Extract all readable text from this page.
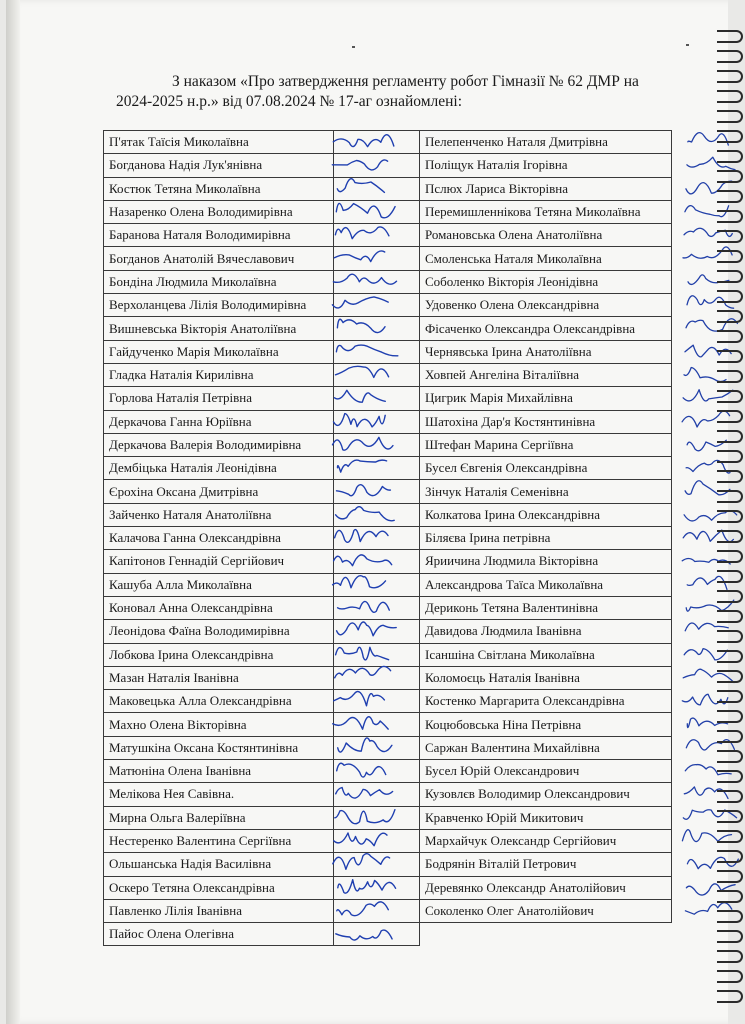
З наказом «Про затвердження регламенту робот Гімназії № 62 ДМР на
2024-2025 н.р.» від 07.08.2024 № 17-аг ознайомлені:
П'ятак Таїсія Миколаївна		Пелепенченко Наталя Дмитрівна

Богданова Надія Лук'янівна		Поліщук Наталія Ігорівна

Костюк Тетяна Миколаївна		Пслюх Лариса Вікторівна

Назаренко Олена Володимирівна		Перемишленнікова Тетяна Миколаївна

Баранова Наталя Володимирівна		Романовська Олена Анатоліївна

Богданов Анатолій Вячеславович		Смоленська Наталя Миколаївна

Бондіна Людмила Миколаївна		Соболенко Вікторія Леонідівна

Верхоланцева Лілія Володимирівна		Удовенко Олена Олександрівна

Вишневська Вікторія Анатоліївна		Фісаченко Олександра Олександрівна

Гайдученко Марія Миколаївна		Чернявська Ірина Анатоліївна

Гладка Наталія Кирилівна		Ховпей Ангеліна Віталіївна

Горлова Наталія Петрівна		Цигрик Марія Михайлівна

Деркачова Ганна Юріївна		Шатохіна Дар'я Костянтинівна

Деркачова Валерія Володимирівна		Штефан Марина Сергіївна

Дембіцька Наталія Леонідівна		Бусел Євгенія Олександрівна

Єрохіна Оксана Дмитрівна		Зінчук Наталія Семенівна

Зайченко Наталя Анатоліївна		Колкатова Ірина Олександрівна

Калачова Ганна Олександрівна		Біляєва Ірина петрівна

Капітонов Геннадій Сергійович		Яриичина Людмила Вікторівна

Кашуба Алла Миколаївна		Александрова Таїса Миколаївна

Коновал Анна Олександрівна		Дериконь Тетяна Валентинівна

Леонідова Фаїна Володимирівна		Давидова Людмила Іванівна

Лобкова Ірина Олександрівна		Ісаншіна Світлана Миколаївна

Мазан Наталія Іванівна		Коломоєць Наталія Іванівна

Маковецька Алла Олександрівна		Костенко Маргарита Олександрівна

Махно Олена Вікторівна		Коцюбовська Ніна Петрівна

Матушкіна Оксана Костянтинівна		Саржан Валентина Михайлівна

Матюніна Олена Іванівна		Бусел Юрій Олександрович

Мелікова Нея Савівна.		Кузовлєв Володимир Олександрович

Мирна Ольга Валеріївна		Кравченко Юрій Микитович

Нестеренко Валентина Сергіївна		Мархайчук Олександр Сергійович

Ольшанська Надія Василівна		Бодрянін Віталій Петрович

Оскеро Тетяна Олександрівна		Деревянко Олександр Анатолійович

Павленко Лілія Іванівна		Соколенко Олег Анатолійович

Пайос Олена Олегівна	
